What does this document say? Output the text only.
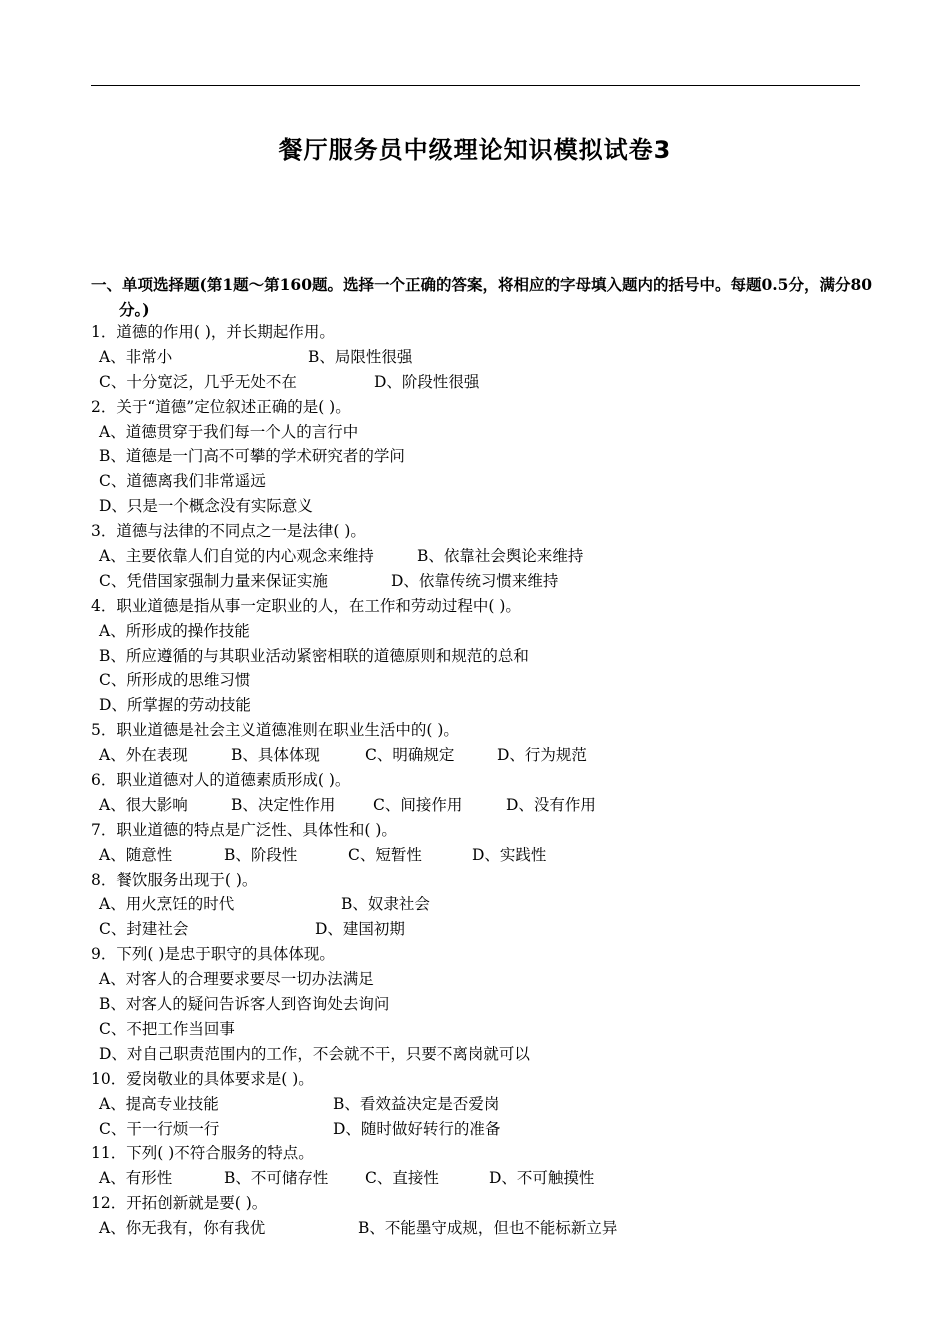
餐厅服务员中级理论知识模拟试卷3

一、单项选择题(第1题～第160题。选择一个正确的答案，将相应的字母填入题内的括号中。每题0.5分，满分80分。)

1．道德的作用( )，并长期起作用。
A、非常小	B、局限性很强
C、十分宽泛，几乎无处不在	D、阶段性很强
2．关于“道德”定位叙述正确的是( )。
A、道德贯穿于我们每一个人的言行中
B、道德是一门高不可攀的学术研究者的学问
C、道德离我们非常遥远
D、只是一个概念没有实际意义
3．道德与法律的不同点之一是法律( )。
A、主要依靠人们自觉的内心观念来维持	B、依靠社会舆论来维持
C、凭借国家强制力量来保证实施	D、依靠传统习惯来维持
4．职业道德是指从事一定职业的人，在工作和劳动过程中( )。
A、所形成的操作技能
B、所应遵循的与其职业活动紧密相联的道德原则和规范的总和
C、所形成的思维习惯
D、所掌握的劳动技能
5．职业道德是社会主义道德准则在职业生活中的( )。
A、外在表现	B、具体体现	C、明确规定	D、行为规范
6．职业道德对人的道德素质形成( )。
A、很大影响	B、决定性作用 C、间接作用	D、没有作用
7．职业道德的特点是广泛性、具体性和( )。
A、随意性	B、阶段性	C、短暂性	D、实践性
8．餐饮服务出现于( )。
A、用火烹饪的时代	B、奴隶社会
C、封建社会	D、建国初期
9．下列( )是忠于职守的具体体现。
A、对客人的合理要求要尽一切办法满足
B、对客人的疑问告诉客人到咨询处去询问
C、不把工作当回事
D、对自己职责范围内的工作，不会就不干，只要不离岗就可以
10．爱岗敬业的具体要求是( )。
A、提高专业技能	B、看效益决定是否爱岗
C、干一行烦一行	D、随时做好转行的准备
11．下列( )不符合服务的特点。
A、有形性	B、不可储存性 C、直接性	D、不可触摸性
12．开拓创新就是要( )。
A、你无我有，你有我优	B、不能墨守成规，但也不能标新立异
